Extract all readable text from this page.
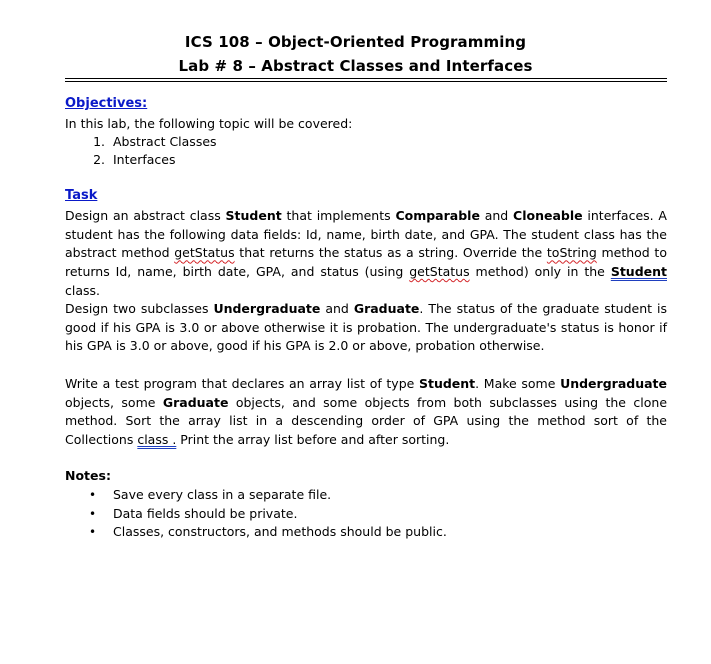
ICS 108 – Object-Oriented Programming
Lab # 8 – Abstract Classes and Interfaces
Objectives:
In this lab, the following topic will be covered:
1. Abstract Classes
2. Interfaces
Task
Design an abstract class Student that implements Comparable and Cloneable interfaces. A student has the following data fields: Id, name, birth date, and GPA. The student class has the abstract method getStatus that returns the status as a string. Override the toString method to returns Id, name, birth date, GPA, and status (using getStatus method) only in the Student class.
Design two subclasses Undergraduate and Graduate. The status of the graduate student is good if his GPA is 3.0 or above otherwise it is probation. The undergraduate's status is honor if his GPA is 3.0 or above, good if his GPA is 2.0 or above, probation otherwise.
Write a test program that declares an array list of type Student. Make some Undergraduate objects, some Graduate objects, and some objects from both subclasses using the clone method. Sort the array list in a descending order of GPA using the method sort of the Collections class . Print the array list before and after sorting.
Notes:
• Save every class in a separate file.
• Data fields should be private.
• Classes, constructors, and methods should be public.
